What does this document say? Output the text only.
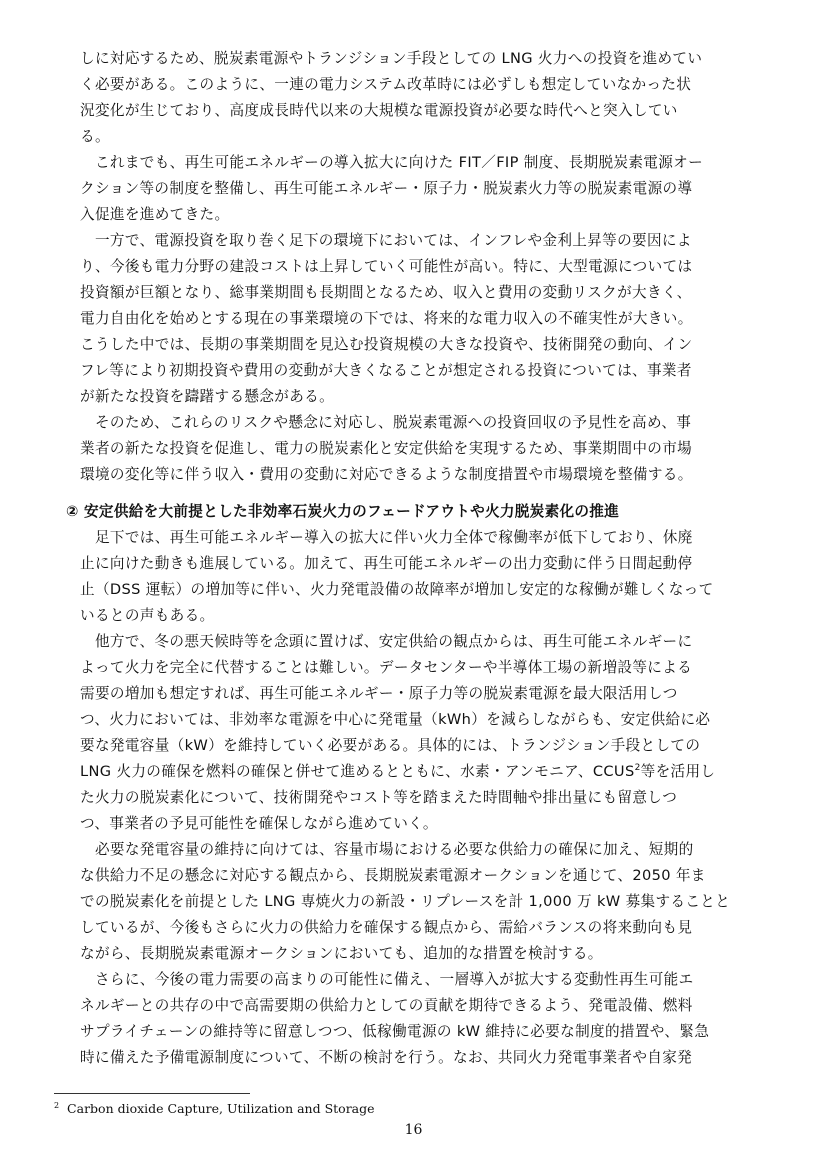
しに対応するため、脱炭素電源やトランジション手段としての LNG 火力への投資を進めてい
く必要がある。このように、一連の電力システム改革時には必ずしも想定していなかった状
況変化が生じており、高度成長時代以来の大規模な電源投資が必要な時代へと突入してい
る。
　これまでも、再生可能エネルギーの導入拡大に向けた FIT／FIP 制度、長期脱炭素電源オー
クション等の制度を整備し、再生可能エネルギー・原子力・脱炭素火力等の脱炭素電源の導
入促進を進めてきた。
　一方で、電源投資を取り巻く足下の環境下においては、インフレや金利上昇等の要因によ
り、今後も電力分野の建設コストは上昇していく可能性が高い。特に、大型電源については
投資額が巨額となり、総事業期間も長期間となるため、収入と費用の変動リスクが大きく、
電力自由化を始めとする現在の事業環境の下では、将来的な電力収入の不確実性が大きい。
こうした中では、長期の事業期間を見込む投資規模の大きな投資や、技術開発の動向、イン
フレ等により初期投資や費用の変動が大きくなることが想定される投資については、事業者
が新たな投資を躊躇する懸念がある。
　そのため、これらのリスクや懸念に対応し、脱炭素電源への投資回収の予見性を高め、事
業者の新たな投資を促進し、電力の脱炭素化と安定供給を実現するため、事業期間中の市場
環境の変化等に伴う収入・費用の変動に対応できるような制度措置や市場環境を整備する。
② 安定供給を大前提とした非効率石炭火力のフェードアウトや火力脱炭素化の推進
　足下では、再生可能エネルギー導入の拡大に伴い火力全体で稼働率が低下しており、休廃
止に向けた動きも進展している。加えて、再生可能エネルギーの出力変動に伴う日間起動停
止（DSS 運転）の増加等に伴い、火力発電設備の故障率が増加し安定的な稼働が難しくなって
いるとの声もある。
　他方で、冬の悪天候時等を念頭に置けば、安定供給の観点からは、再生可能エネルギーに
よって火力を完全に代替することは難しい。データセンターや半導体工場の新増設等による
需要の増加も想定すれば、再生可能エネルギー・原子力等の脱炭素電源を最大限活用しつ
つ、火力においては、非効率な電源を中心に発電量（kWh）を減らしながらも、安定供給に必
要な発電容量（kW）を維持していく必要がある。具体的には、トランジション手段としての
LNG 火力の確保を燃料の確保と併せて進めるとともに、水素・アンモニア、CCUS$^2$等を活用し
た火力の脱炭素化について、技術開発やコスト等を踏まえた時間軸や排出量にも留意しつ
つ、事業者の予見可能性を確保しながら進めていく。
　必要な発電容量の維持に向けては、容量市場における必要な供給力の確保に加え、短期的
な供給力不足の懸念に対応する観点から、長期脱炭素電源オークションを通じて、2050 年ま
での脱炭素化を前提とした LNG 専焼火力の新設・リプレースを計 1,000 万 kW 募集することと
しているが、今後もさらに火力の供給力を確保する観点から、需給バランスの将来動向も見
ながら、長期脱炭素電源オークションにおいても、追加的な措置を検討する。
　さらに、今後の電力需要の高まりの可能性に備え、一層導入が拡大する変動性再生可能エ
ネルギーとの共存の中で高需要期の供給力としての貢献を期待できるよう、発電設備、燃料
サプライチェーンの維持等に留意しつつ、低稼働電源の kW 維持に必要な制度的措置や、緊急
時に備えた予備電源制度について、不断の検討を行う。なお、共同火力発電事業者や自家発
$^2$ Carbon dioxide Capture, Utilization and Storage
16
